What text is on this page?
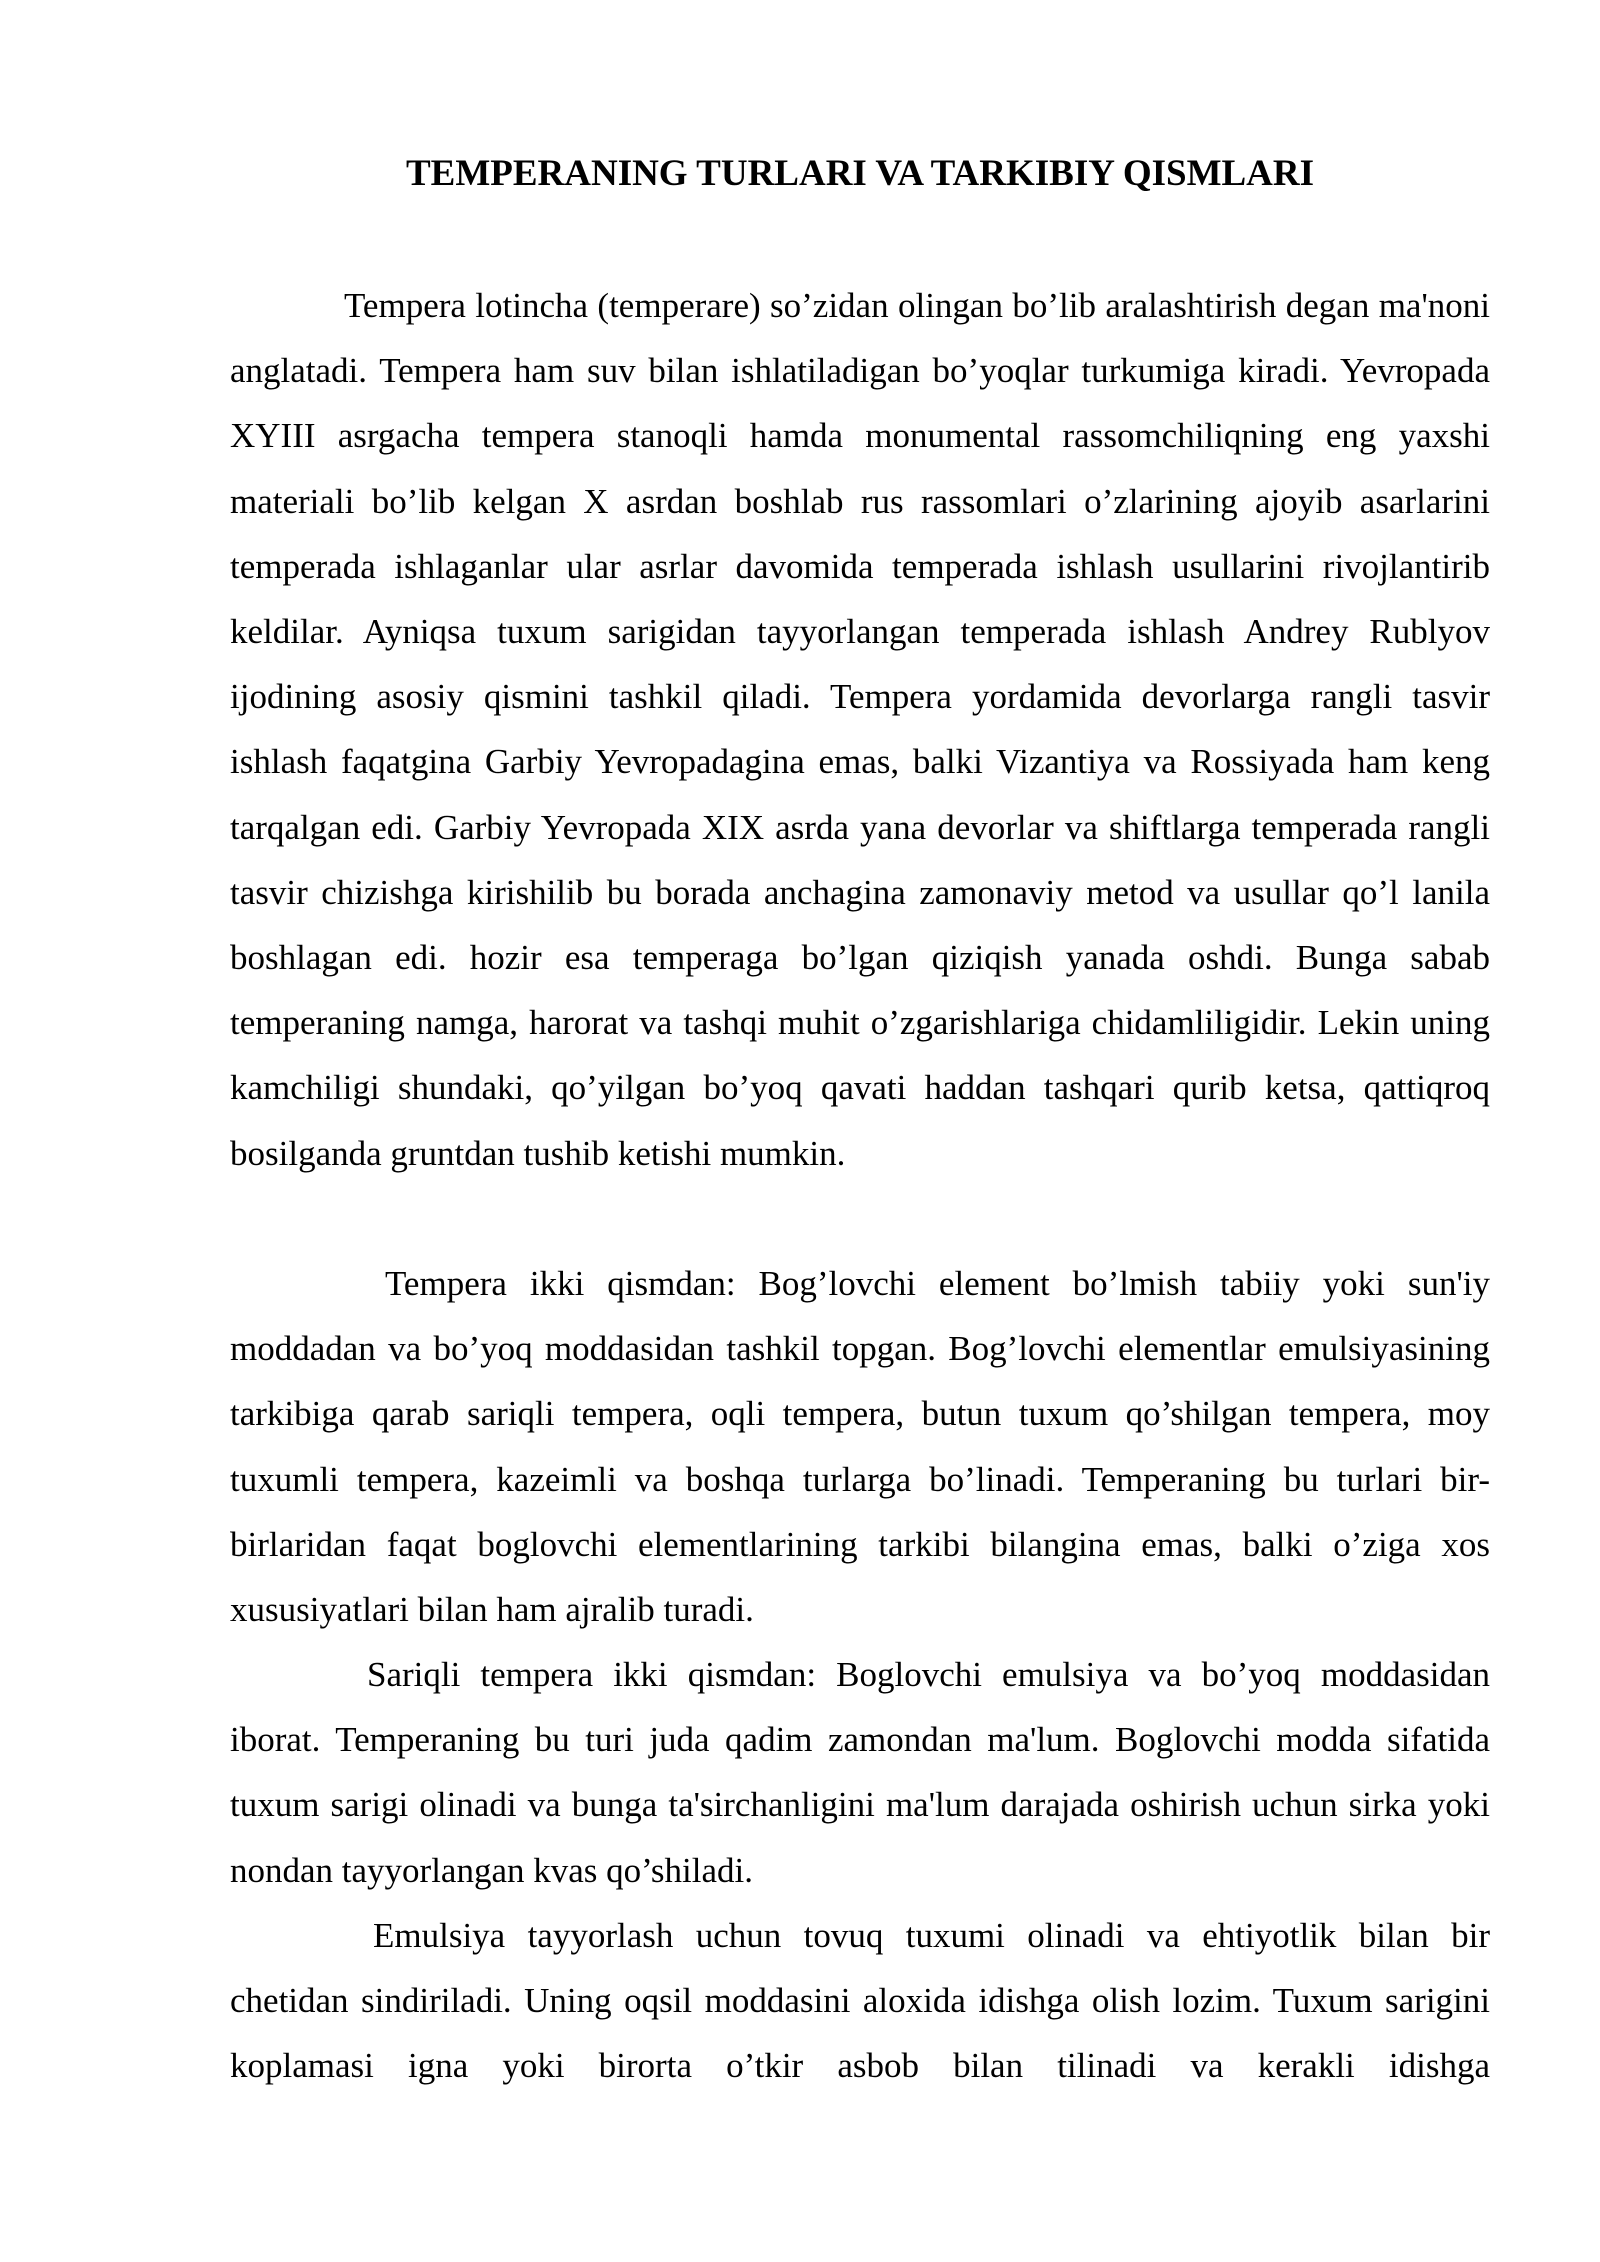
TEMPERANING TURLARI VA TARKIBIY QISMLARI

Tempera lotincha (temperare) so’zidan olingan bo’lib aralashtirish degan ma'noni anglatadi. Tempera ham suv bilan ishlatiladigan bo’yoqlar turkumiga kiradi. Yevropada XYIII asrgacha tempera stanoqli hamda monumental rassomchiliqning eng yaxshi materiali bo’lib kelgan X asrdan boshlab rus rassomlari o’zlarining ajoyib asarlarini temperada ishlaganlar ular asrlar davomida temperada ishlash usullarini rivojlantirib keldilar. Ayniqsa tuxum sarigidan tayyorlangan temperada ishlash Andrey Rublyov ijodining asosiy qismini tashkil qiladi. Tempera yordamida devorlarga rangli tasvir ishlash faqatgina Garbiy Yevropadagina emas, balki Vizantiya va Rossiyada ham keng tarqalgan edi. Garbiy Yevropada XIX asrda yana devorlar va shiftlarga temperada rangli tasvir chizishga kirishilib bu borada anchagina zamonaviy metod va usullar qo’l lanila boshlagan edi. hozir esa temperaga bo’lgan qiziqish yanada oshdi. Bunga sabab temperaning namga, harorat va tashqi muhit o’zgarishlariga chidamliligidir. Lekin uning kamchiligi shundaki, qo’yilgan bo’yoq qavati haddan tashqari qurib ketsa, qattiqroq bosilganda gruntdan tushib ketishi mumkin.

Tempera ikki qismdan: Bog’lovchi element bo’lmish tabiiy yoki sun'iy moddadan va bo’yoq moddasidan tashkil topgan. Bog’lovchi elementlar emulsiyasining tarkibiga qarab sariqli tempera, oqli tempera, butun tuxum qo’shilgan tempera, moy tuxumli tempera, kazeimli va boshqa turlarga bo’linadi. Temperaning bu turlari bir-birlaridan faqat boglovchi elementlarining tarkibi bilangina emas, balki o’ziga xos xususiyatlari bilan ham ajralib turadi.

Sariqli tempera ikki qismdan: Boglovchi emulsiya va bo’yoq moddasidan iborat. Temperaning bu turi juda qadim zamondan ma'lum. Boglovchi modda sifatida tuxum sarigi olinadi va bunga ta'sirchanligini ma'lum darajada oshirish uchun sirka yoki nondan tayyorlangan kvas qo’shiladi.

Emulsiya tayyorlash uchun tovuq tuxumi olinadi va ehtiyotlik bilan bir chetidan sindiriladi. Uning oqsil moddasini aloxida idishga olish lozim. Tuxum sarigini koplamasi igna yoki birorta o’tkir asbob bilan tilinadi va kerakli idishga
